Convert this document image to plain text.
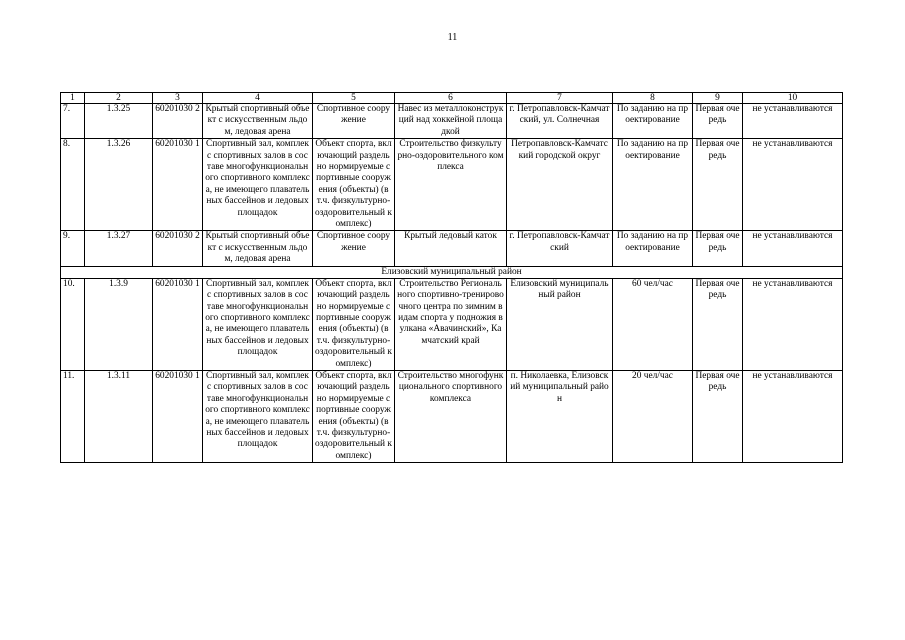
11
1	2	3	4	5	6	7	8	9	10
7.	1.3.25	60201030 2	Крытый спортивный объект с искусственным льдом, ледовая арена	Спортивное сооружение	Навес из металлоконструкций над хоккейной площадкой	г. Петропавловск-Камчатский, ул. Солнечная	По заданию на проектирование	Первая очередь	не устанавливаются
8.	1.3.26	60201030 1	Спортивный зал, комплекс спортивных залов в составе многофункционального спортивного комплекса, не имеющего плавательных бассейнов и ледовых площадок	Объект спорта, включающий раздельно нормируемые спортивные сооружения (объекты) (в т.ч. физкультурно-оздоровительный комплекс)	Строительство физкультурно-оздоровительного комплекса	Петропавловск-Камчатский городской округ	По заданию на проектирование	Первая очередь	не устанавливаются
9.	1.3.27	60201030 2	Крытый спортивный объект с искусственным льдом, ледовая арена	Спортивное сооружение	Крытый ледовый каток	г. Петропавловск-Камчатский	По заданию на проектирование	Первая очередь	не устанавливаются
Елизовский муниципальный район									
10.	1.3.9	60201030 1	Спортивный зал, комплекс спортивных залов в составе многофункционального спортивного комплекса, не имеющего плавательных бассейнов и ледовых площадок	Объект спорта, включающий раздельно нормируемые спортивные сооружения (объекты) (в т.ч. физкультурно-оздоровительный комплекс)	Строительство Регионального спортивно-тренировочного центра по зимним видам спорта у подножия вулкана «Авачинский», Камчатский край	Елизовский муниципальный район	60 чел/час	Первая очередь	не устанавливаются
11.	1.3.11	60201030 1	Спортивный зал, комплекс спортивных залов в составе многофункционального спортивного комплекса, не имеющего плавательных бассейнов и ледовых площадок	Объект спорта, включающий раздельно нормируемые спортивные сооружения (объекты) (в т.ч. физкультурно-оздоровительный комплекс)	Строительство многофункционального спортивного комплекса	п. Николаевка, Елизовский муниципальный район	20 чел/час	Первая очередь	не устанавливаются
